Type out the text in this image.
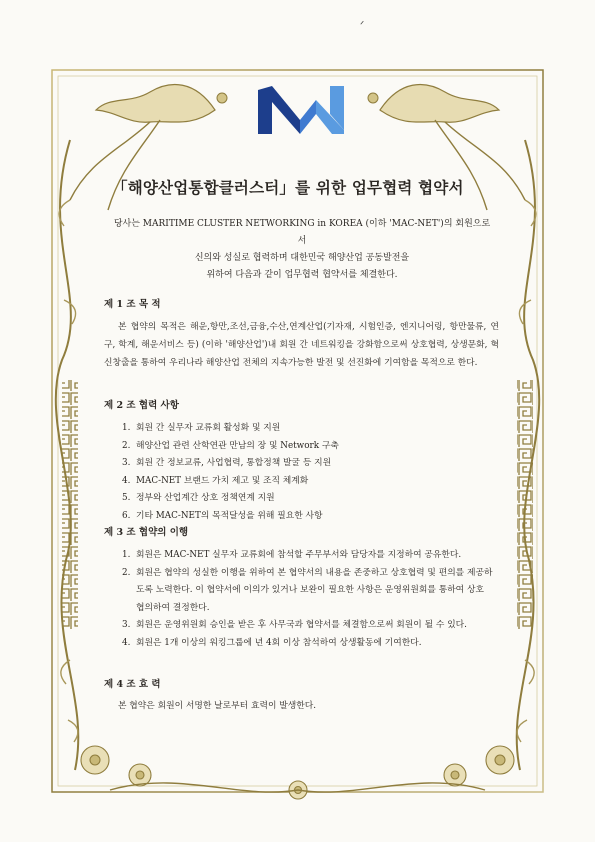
ᐟ
MN
「해양산업통합클러스터」를 위한 업무협력 협약서
당사는 MARITIME CLUSTER NETWORKING in KOREA (이하 'MAC-NET')의 회원으로서
신의와 성실로 협력하며 대한민국 해양산업 공동발전을
위하여 다음과 같이 업무협력 협약서를 체결한다.
제 1 조 목 적
본 협약의 목적은 해운,항만,조선,금융,수산,연계산업(기자재, 시험인증, 엔지니어링, 항만물류, 연구, 학계, 해운서비스 등) (이하 '해양산업')내 회원 간 네트워킹을 강화함으로써 상호협력, 상생문화, 혁신창출을 통하여 우리나라 해양산업 전체의 지속가능한 발전 및 선진화에 기여함을 목적으로 한다.
제 2 조 협력 사항
1. 회원 간 실무자 교류회 활성화 및 지원
2. 해양산업 관련 산학연관 만남의 장 및 Network 구축
3. 회원 간 정보교류, 사업협력, 통합정책 발굴 등 지원
4. MAC-NET 브랜드 가치 제고 및 조직 체계화
5. 정부와 산업계간 상호 정책연계 지원
6. 기타 MAC-NET의 목적달성을 위해 필요한 사항
제 3 조 협약의 이행
1. 회원은 MAC-NET 실무자 교류회에 참석할 주무부서와 담당자를 지정하여 공유한다.
2. 회원은 협약의 성실한 이행을 위하여 본 협약서의 내용을 존중하고 상호협력 및 편의를 제공하도록 노력한다. 이 협약서에 이의가 있거나 보완이 필요한 사항은 운영위원회를 통하여 상호 협의하여 결정한다.
3. 회원은 운영위원회 승인을 받은 후 사무국과 협약서를 체결함으로써 회원이 될 수 있다.
4. 회원은 1개 이상의 워킹그룹에 년 4회 이상 참석하여 상생활동에 기여한다.
제 4 조 효 력
본 협약은 회원이 서명한 날로부터 효력이 발생한다.
